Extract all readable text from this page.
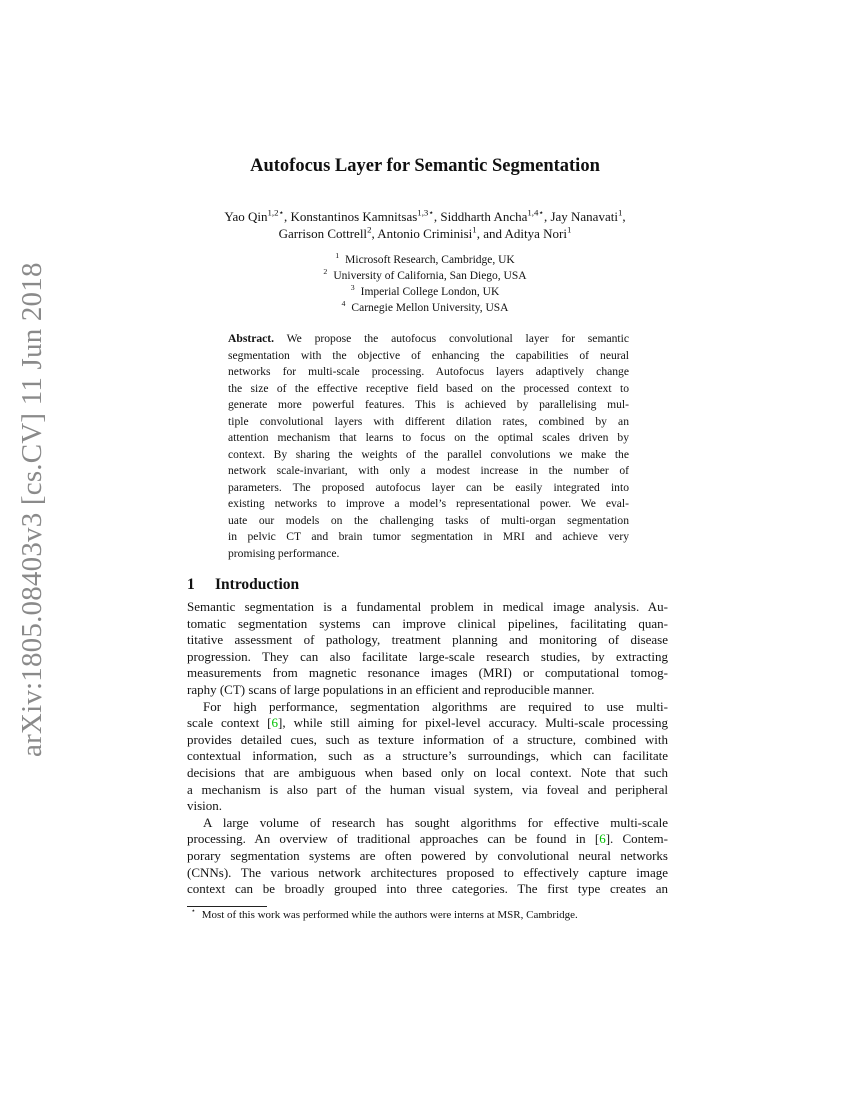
arXiv:1805.08403v3 [cs.CV] 11 Jun 2018
Autofocus Layer for Semantic Segmentation
Yao Qin$^{1,2⋆}$, Konstantinos Kamnitsas$^{1,3⋆}$, Siddharth Ancha$^{1,4⋆}$, Jay Nanavati$^1$,
Garrison Cottrell$^2$, Antonio Criminisi$^1$, and Aditya Nori$^1$
$^1$ Microsoft Research, Cambridge, UK
$^2$ University of California, San Diego, USA
$^3$ Imperial College London, UK
$^4$ Carnegie Mellon University, USA
Abstract. We propose the autofocus convolutional layer for semantic
segmentation with the objective of enhancing the capabilities of neural
networks for multi-scale processing. Autofocus layers adaptively change
the size of the effective receptive field based on the processed context to
generate more powerful features. This is achieved by parallelising mul-
tiple convolutional layers with different dilation rates, combined by an
attention mechanism that learns to focus on the optimal scales driven by
context. By sharing the weights of the parallel convolutions we make the
network scale-invariant, with only a modest increase in the number of
parameters. The proposed autofocus layer can be easily integrated into
existing networks to improve a model’s representational power. We eval-
uate our models on the challenging tasks of multi-organ segmentation
in pelvic CT and brain tumor segmentation in MRI and achieve very
promising performance.
1 Introduction
Semantic segmentation is a fundamental problem in medical image analysis. Au-
tomatic segmentation systems can improve clinical pipelines, facilitating quan-
titative assessment of pathology, treatment planning and monitoring of disease
progression. They can also facilitate large-scale research studies, by extracting
measurements from magnetic resonance images (MRI) or computational tomog-
raphy (CT) scans of large populations in an efficient and reproducible manner.
For high performance, segmentation algorithms are required to use multi-
scale context [6], while still aiming for pixel-level accuracy. Multi-scale processing
provides detailed cues, such as texture information of a structure, combined with
contextual information, such as a structure’s surroundings, which can facilitate
decisions that are ambiguous when based only on local context. Note that such
a mechanism is also part of the human visual system, via foveal and peripheral
vision.
A large volume of research has sought algorithms for effective multi-scale
processing. An overview of traditional approaches can be found in [6]. Contem-
porary segmentation systems are often powered by convolutional neural networks
(CNNs). The various network architectures proposed to effectively capture image
context can be broadly grouped into three categories. The first type creates an
⋆ Most of this work was performed while the authors were interns at MSR, Cambridge.
